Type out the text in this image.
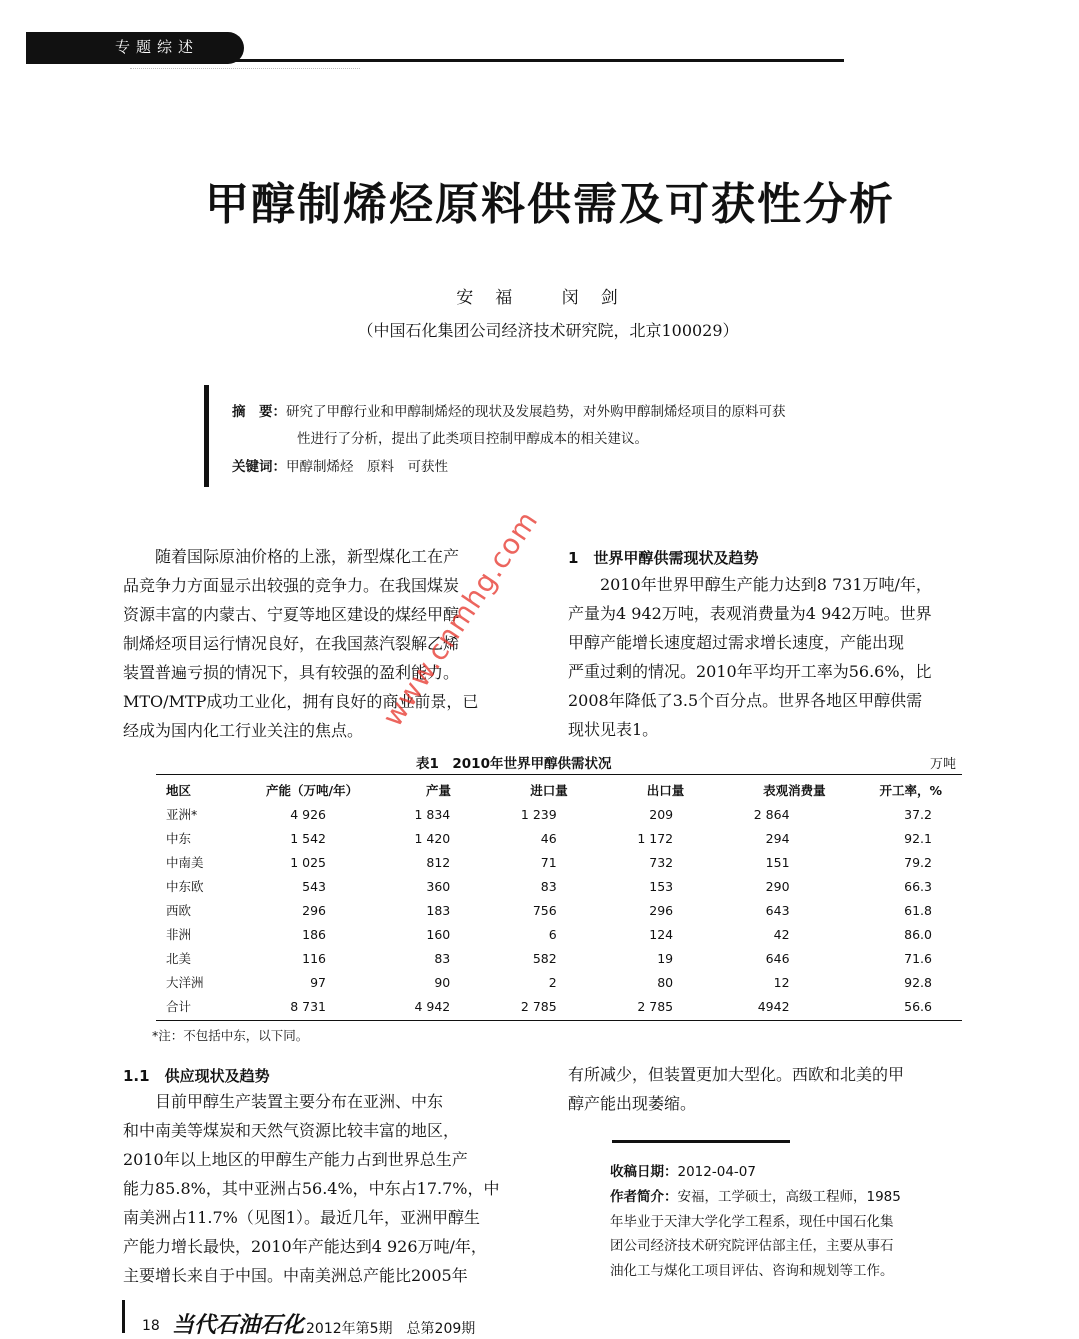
专题综述
甲醇制烯烃原料供需及可获性分析
安福 闵剑
（中国石化集团公司经济技术研究院，北京100029）
摘　要：研究了甲醇行业和甲醇制烯烃的现状及发展趋势，对外购甲醇制烯烃项目的原料可获
性进行了分析，提出了此类项目控制甲醇成本的相关建议。
关键词：甲醇制烯烃　原料　可获性
随着国际原油价格的上涨，新型煤化工在产
品竞争力方面显示出较强的竞争力。在我国煤炭
资源丰富的内蒙古、宁夏等地区建设的煤经甲醇
制烯烃项目运行情况良好，在我国蒸汽裂解乙烯
装置普遍亏损的情况下，具有较强的盈利能力。
MTO/MTP成功工业化，拥有良好的商业前景，已
经成为国内化工行业关注的焦点。
1　世界甲醇供需现状及趋势
2010年世界甲醇生产能力达到8 731万吨/年，
产量为4 942万吨，表观消费量为4 942万吨。世界
甲醇产能增长速度超过需求增长速度，产能出现
严重过剩的情况。2010年平均开工率为56.6%，比
2008年降低了3.5个百分点。世界各地区甲醇供需
现状见表1。
www.cnmhg.com
表1　2010年世界甲醇供需状况	万吨
地区	产能（万吨/年）	产量	进口量	出口量	表观消费量	开工率，%
亚洲*	4 926	1 834	1 239	209	2 864	37.2
中东	1 542	1 420	46	1 172	294	92.1
中南美	1 025	812	71	732	151	79.2
中东欧	543	360	83	153	290	66.3
西欧	296	183	756	296	643	61.8
非洲	186	160	6	124	42	86.0
北美	116	83	582	19	646	71.6
大洋洲	97	90	2	80	12	92.8
合计	8 731	4 942	2 785	2 785	4942	56.6
*注：不包括中东，以下同。
1.1　供应现状及趋势
目前甲醇生产装置主要分布在亚洲、中东
和中南美等煤炭和天然气资源比较丰富的地区，
2010年以上地区的甲醇生产能力占到世界总生产
能力85.8%，其中亚洲占56.4%，中东占17.7%，中
南美洲占11.7%（见图1）。最近几年，亚洲甲醇生
产能力增长最快，2010年产能达到4 926万吨/年，
主要增长来自于中国。中南美洲总产能比2005年
有所减少，但装置更加大型化。西欧和北美的甲
醇产能出现萎缩。
收稿日期：2012-04-07
作者简介：安福，工学硕士，高级工程师，1985
年毕业于天津大学化学工程系，现任中国石化集
团公司经济技术研究院评估部主任，主要从事石
油化工与煤化工项目评估、咨询和规划等工作。
18 当代石油石化 2012年第5期　总第209期
